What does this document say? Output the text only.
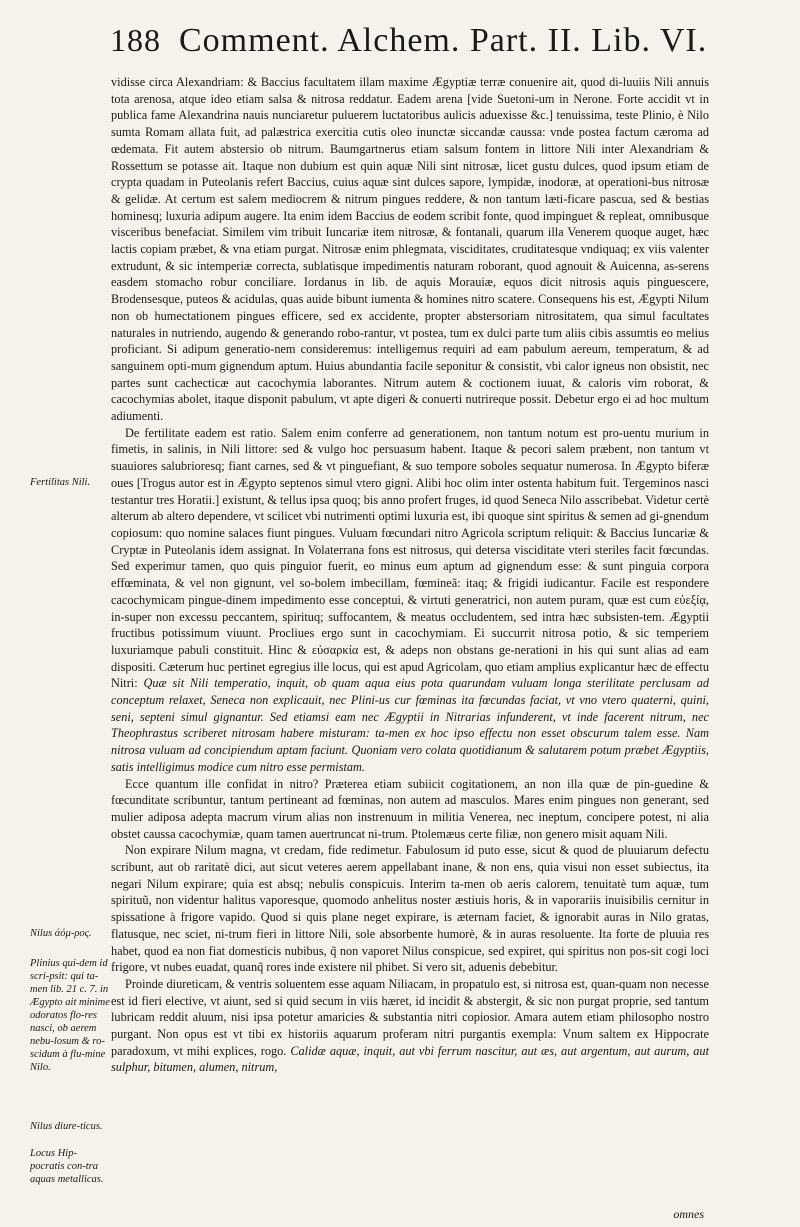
188 Comment. Alchem. Part. II. Lib. VI.
Fertilitas Nili.
Nilus ἀόμ-ρος.
Plinius qui-dem id scri-psit: qui ta-men lib. 21 c. 7. in Ægypto ait minime odoratos flo-res nasci, ob aerem nebu-losum & ro-scidum à flu-mine Nilo.
Nilus diure-ticus.
Locus Hip-pocratis con-tra aquas metallicas.

vidisse circa Alexandriam: & Baccius facultatem illam maxime Ægyptiæ terræ conuenire ait, quod di-luuiis Nili annuis tota arenosa, atque ideo etiam salsa & nitrosa reddatur. Eadem arena [vide Suetoni-um in Nerone. Forte accidit vt in publica fame Alexandrina nauis nunciaretur puluerem luctatoribus aulicis aduexisse &c.] tenuissima, teste Plinio, è Nilo sumta Romam allata fuit, ad palæstrica exercitia cutis oleo inunctæ siccandæ caussa: vnde postea factum cæroma ad œdemata. Fit autem abstersio ob nitrum. Baumgartnerus etiam salsum fontem in littore Nili inter Alexandriam & Rossettum se potasse ait. Itaque non dubium est quin aquæ Nili sint nitrosæ, licet gustu dulces, quod ipsum etiam de crypta quadam in Puteolanis refert Baccius, cuius aquæ sint dulces sapore, lympidæ, inodoræ, at operationi-bus nitrosæ & gelidæ. At certum est salem mediocrem & nitrum pingues reddere, & non tantum læti-ficare pascua, sed & bestias hominesq; luxuria adipum augere. Ita enim idem Baccius de eodem scribit fonte, quod impinguet & repleat, omnibusque visceribus benefaciat. Similem vim tribuit Iuncariæ item nitrosæ, & fontanali, quarum illa Venerem quoque auget, hæc lactis copiam præbet, & vna etiam purgat. Nitrosæ enim phlegmata, visciditates, cruditatesque vndiquaq; ex viis valenter extrudunt, & sic intemperiæ correcta, sublatisque impedimentis naturam roborant, quod agnouit & Auicenna, as-serens easdem stomacho robur conciliare. Iordanus in lib. de aquis Morauiæ, equos dicit nitrosis aquis pinguescere, Brodensesque, puteos & acidulas, quas auide bibunt iumenta & homines nitro scatere. Consequens his est, Ægypti Nilum non ob humectationem pingues efficere, sed ex accidente, propter abstersoriam nitrositatem, qua simul facultates naturales in nutriendo, augendo & generando robo-rantur, vt postea, tum ex dulci parte tum aliis cibis assumtis eo melius proficiant. Si adipum generatio-nem consideremus: intelligemus requiri ad eam pabulum aereum, temperatum, & ad sanguinem opti-mum gignendum aptum. Huius abundantia facile seponitur & consistit, vbi calor igneus non obsistit, nec partes sunt cachecticæ aut cacochymia laborantes. Nitrum autem & coctionem iuuat, & caloris vim roborat, & cacochymias abolet, itaque disponit pabulum, vt apte digeri & conuerti nutrireque possit. Debetur ergo ei ad hoc multum adiumenti.

De fertilitate eadem est ratio. Salem enim conferre ad generationem, non tantum notum est pro-uentu murium in fimetis, in salinis, in Nili littore: sed & vulgo hoc persuasum habent. Itaque & pecori salem præbent, non tantum vt suauiores salubrioresq; fiant carnes, sed & vt pinguefiant, & suo tempore soboles sequatur numerosa. In Ægypto biferæ oues [Trogus autor est in Ægypto septenos simul vtero gigni. Alibi hoc olim inter ostenta habitum fuit. Tergeminos nasci testantur tres Horatii.] existunt, & tellus ipsa quoq; bis anno profert fruges, id quod Seneca Nilo asscribebat. Videtur certè alterum ab altero dependere, vt scilicet vbi nutrimenti optimi luxuria est, ibi quoque sint spiritus & semen ad gi-gnendum copiosum: quo nomine salaces fiunt pingues. Vuluam fœcundari nitro Agricola scriptum reliquit: & Baccius Iuncariæ & Cryptæ in Puteolanis idem assignat. In Volaterrana fons est nitrosus, qui detersa visciditate vteri steriles facit fœcundas. Sed experimur tamen, quo quis pinguior fuerit, eo minus eum aptum ad gignendum esse: & sunt pinguia corpora effœminata, & vel non gignunt, vel so-bolem imbecillam, fœmineã: itaq; & frigidi iudicantur. Facile est respondere cacochymicam pingue-dinem impedimento esse conceptui, & virtuti generatrici, non autem puram, quæ est cum εὐεξίᾳ, in-super non excessu peccantem, spirituq; suffocantem, & meatus occludentem, sed intra hæc subsisten-tem. Ægyptii fructibus potissimum viuunt. Procliues ergo sunt in cacochymiam. Ei succurrit nitrosa potio, & sic temperiem luxuriamque pabuli constituit. Hinc & εὐσαρκία est, & adeps non obstans ge-nerationi in his qui sunt alias ad eam dispositi. Cæterum huc pertinet egregius ille locus, qui est apud Agricolam, quo etiam amplius explicantur hæc de effectu Nitri: Quæ sit Nili temperatio, inquit, ob quam aqua eius pota quarundam vuluam longa sterilitate perclusam ad conceptum relaxet, Seneca non explicauit, nec Plini-us cur fœminas ita fœcundas faciat, vt vno vtero quaterni, quini, seni, septeni simul gignantur. Sed etiamsi eam nec Ægyptii in Nitrarias infunderent, vt inde facerent nitrum, nec Theophrastus scriberet nitrosam habere misturam: ta-men ex hoc ipso effectu non esset obscurum talem esse. Nam nitrosa vuluam ad concipiendum aptam faciunt. Quoniam vero colata quotidianum & salutarem potum præbet Ægyptiis, satis intelligimus modice cum nitro esse permistam.

Ecce quantum ille confidat in nitro? Præterea etiam subiicit cogitationem, an non illa quæ de pin-guedine & fœcunditate scribuntur, tantum pertineant ad fœminas, non autem ad masculos. Mares enim pingues non generant, sed mulier adiposa adepta macrum virum alias non instrenuum in militia Venerea, nec ineptum, concipere potest, ni alia obstet caussa cacochymiæ, quam tamen auertruncat ni-trum. Ptolemæus certe filiæ, non genero misit aquam Nili.

Non expirare Nilum magna, vt credam, fide redimetur. Fabulosum id puto esse, sicut & quod de pluuiarum defectu scribunt, aut ob raritatè dici, aut sicut veteres aerem appellabant inane, & non ens, quia visui non esset subiectus, ita negari Nilum expirare; quia est absq; nebulis conspicuis. Interim ta-men ob aeris calorem, tenuitatè tum aquæ, tum spirituũ, non videntur halitus vaporesque, quomodo anhelitus noster æstiuis horis, & in vaporariis inuisibilis cernitur in spissatione à frigore vapido. Quod si quis plane neget expirare, is æternam faciet, & ignorabit auras in Nilo gratas, flatusque, nec sciet, ni-trum fieri in littore Nili, sole absorbente humorè, & in auras resoluente. Ita forte de pluuia res habet, quod ea non fiat domesticis nubibus, q̃ non vaporet Nilus conspicue, sed expiret, qui spiritus non pos-sit cogi loci frigore, vt nubes euadat, quanq̃ rores inde existere nil phibet. Si vero sit, aduenis debebitur.

Proinde diureticam, & ventris soluentem esse aquam Niliacam, in propatulo est, si nitrosa est, quan-quam non necesse est id fieri elective, vt aiunt, sed si quid secum in viis hæret, id incidit & abstergit, & sic non purgat proprie, sed tantum lubricam reddit aluum, nisi ipsa potetur amaricies & substantia nitri copiosior. Amara autem etiam philosopho nostro purgant. Non opus est vt tibi ex historiis aquarum proferam nitri purgantis exempla: Vnum saltem ex Hippocrate paradoxum, vt mihi explices, rogo. Calidæ aquæ, inquit, aut vbi ferrum nascitur, aut æs, aut argentum, aut aurum, aut sulphur, bitumen, alumen, nitrum,

omnes
